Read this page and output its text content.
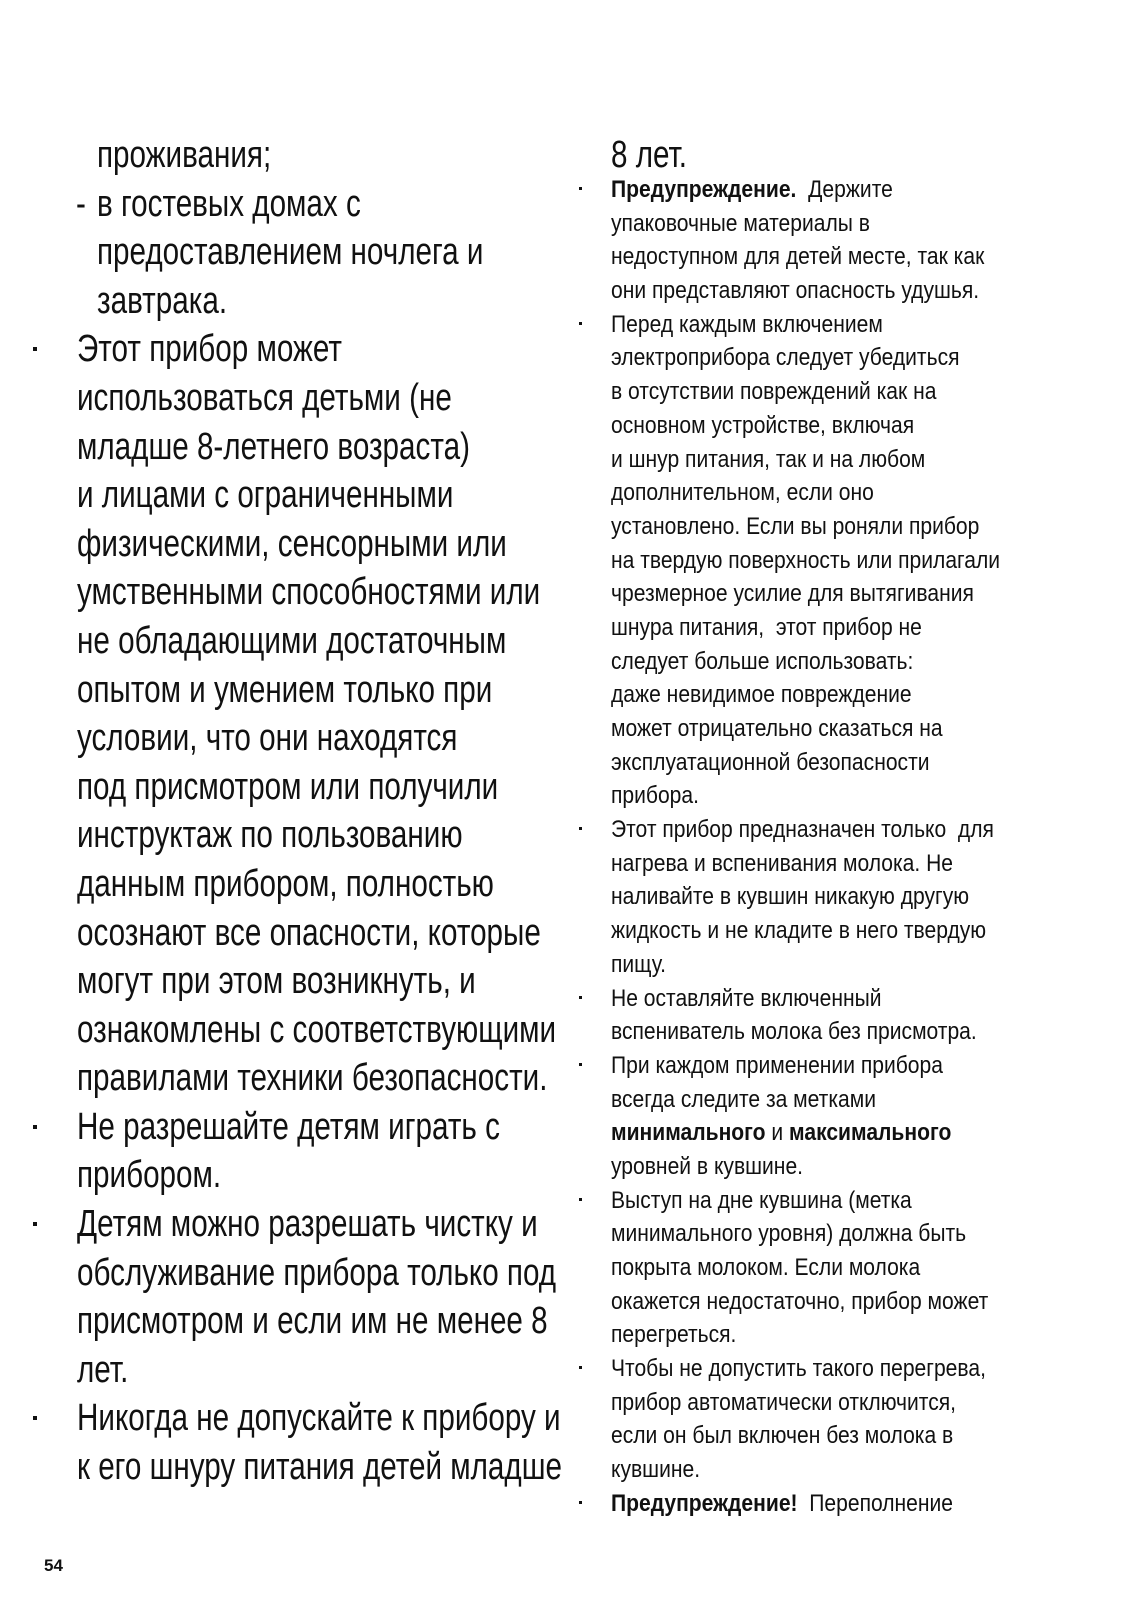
проживания;
- в гостевых домах с
предоставлением ночлега и
завтрака.
Этот прибор может
использоваться детьми (не
младше 8-летнего возраста)
и лицами с ограниченными
физическими, сенсорными или
умственными способностями или
не обладающими достаточным
опытом и умением только при
условии, что они находятся
под присмотром или получили
инструктаж по пользованию
данным прибором, полностью
осознают все опасности, которые
могут при этом возникнуть, и
ознакомлены с соответствующими
правилами техники безопасности.
Не разрешайте детям играть с
прибором.
Детям можно разрешать чистку и
обслуживание прибора только под
присмотром и если им не менее 8
лет.
Никогда не допускайте к прибору и
к его шнуру питания детей младше
8 лет.
Предупреждение.  Держите
упаковочные материалы в
недоступном для детей месте, так как
они представляют опасность удушья.
Перед каждым включением
электроприбора следует убедиться
в отсутствии повреждений как на
основном устройстве, включая
и шнур питания, так и на любом
дополнительном, если оно
установлено. Если вы роняли прибор
на твердую поверхность или прилагали
чрезмерное усилие для вытягивания
шнура питания,  этот прибор не
следует больше использовать:
даже невидимое повреждение
может отрицательно сказаться на
эксплуатационной безопасности
прибора.
Этот прибор предназначен только  для
нагрева и вспенивания молока. Не
наливайте в кувшин никакую другую
жидкость и не кладите в него твердую
пищу.
Не оставляйте включенный
вспениватель молока без присмотра.
При каждом применении прибора
всегда следите за метками
минимального и максимального
уровней в кувшине.
Выступ на дне кувшина (метка
минимального уровня) должна быть
покрыта молоком. Если молока
окажется недостаточно, прибор может
перегреться.
Чтобы не допустить такого перегрева,
прибор автоматически отключится,
если он был включен без молока в
кувшине.
Предупреждение!  Переполнение
54
